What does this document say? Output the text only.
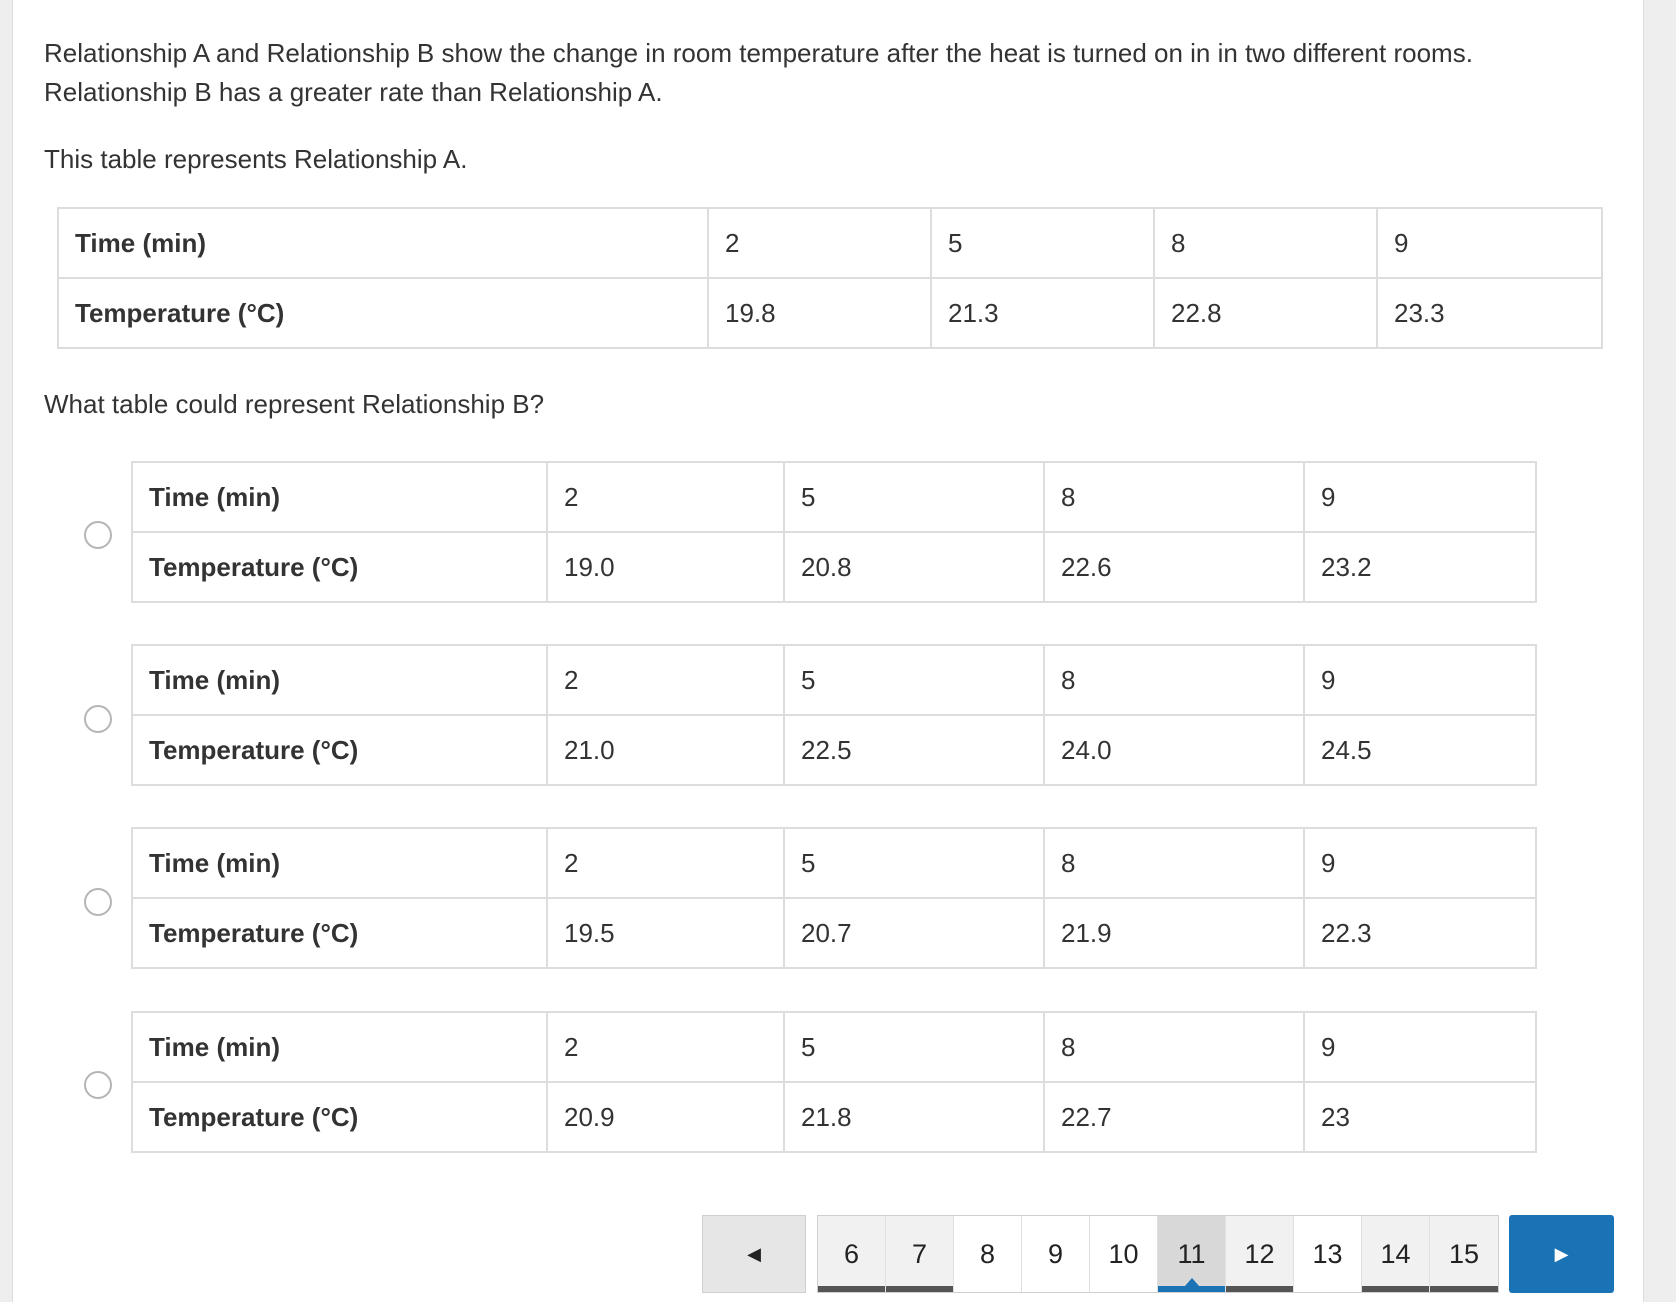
Relationship A and Relationship B show the change in room temperature after the heat is turned on in in two different rooms. Relationship B has a greater rate than Relationship A.

This table represents Relationship A.

Time (min)	2	5	8	9
Temperature (°C)	19.8	21.3	22.8	23.3

What table could represent Relationship B?

Time (min)	2	5	8	9
Temperature (°C)	19.0	20.8	22.6	23.2
Time (min)	2	5	8	9
Temperature (°C)	21.0	22.5	24.0	24.5
Time (min)	2	5	8	9
Temperature (°C)	19.5	20.7	21.9	22.3
Time (min)	2	5	8	9
Temperature (°C)	20.9	21.8	22.7	23
◀	6 7 8 9 10 11 12 13 14 15	▶
